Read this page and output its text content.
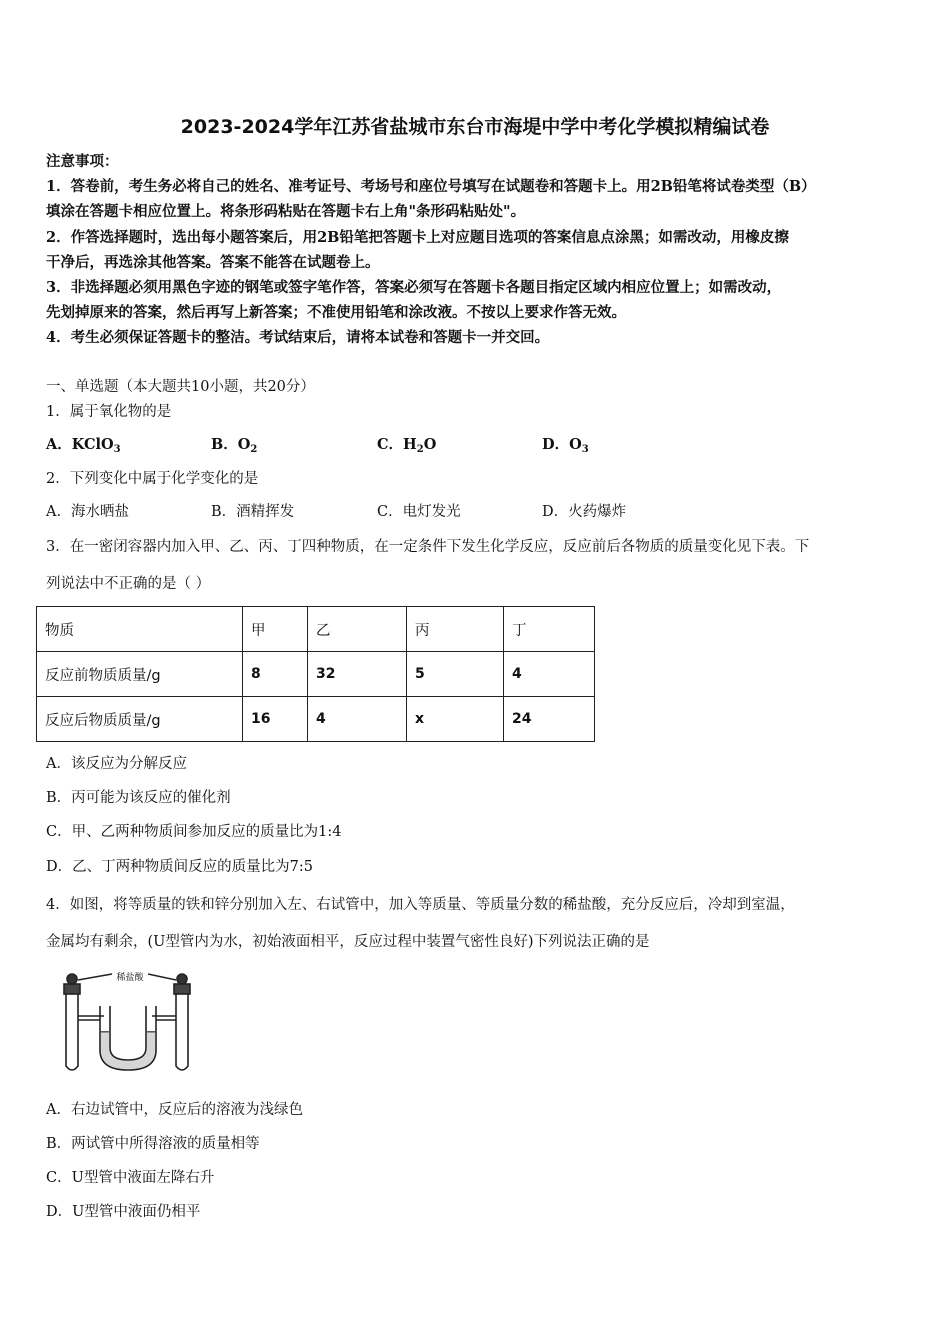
2023-2024学年江苏省盐城市东台市海堤中学中考化学模拟精编试卷
注意事项：
1．答卷前，考生务必将自己的姓名、准考证号、考场号和座位号填写在试题卷和答题卡上。用2B铅笔将试卷类型（B）
填涂在答题卡相应位置上。将条形码粘贴在答题卡右上角"条形码粘贴处"。
2．作答选择题时，选出每小题答案后，用2B铅笔把答题卡上对应题目选项的答案信息点涂黑；如需改动，用橡皮擦
干净后，再选涂其他答案。答案不能答在试题卷上。
3．非选择题必须用黑色字迹的钢笔或签字笔作答，答案必须写在答题卡各题目指定区域内相应位置上；如需改动，
先划掉原来的答案，然后再写上新答案；不准使用铅笔和涂改液。不按以上要求作答无效。
4．考生必须保证答题卡的整洁。考试结束后，请将本试卷和答题卡一并交回。
一、单选题（本大题共10小题，共20分）
1．属于氧化物的是
A．KClO$_3$	B．$O_2$	C．$H_2O$	D．$O_3$
2．下列变化中属于化学变化的是
A．海水晒盐	B．酒精挥发	C．电灯发光	D．火药爆炸
3．在一密闭容器内加入甲、乙、丙、丁四种物质，在一定条件下发生化学反应，反应前后各物质的质量变化见下表。下
列说法中不正确的是（ ）
物质	甲	乙	丙	丁
反应前物质质量/g	8	32	5	4
反应后物质质量/g	16	4	x	24
A．该反应为分解反应
B．丙可能为该反应的催化剂
C．甲、乙两种物质间参加反应的质量比为1:4
D．乙、丁两种物质间反应的质量比为7:5
4．如图，将等质量的铁和锌分别加入左、右试管中，加入等质量、等质量分数的稀盐酸，充分反应后，冷却到室温，
金属均有剩余，(U型管内为水，初始液面相平，反应过程中装置气密性良好)下列说法正确的是
稀盐酸
A．右边试管中，反应后的溶液为浅绿色
B．两试管中所得溶液的质量相等
C．U型管中液面左降右升
D．U型管中液面仍相平
